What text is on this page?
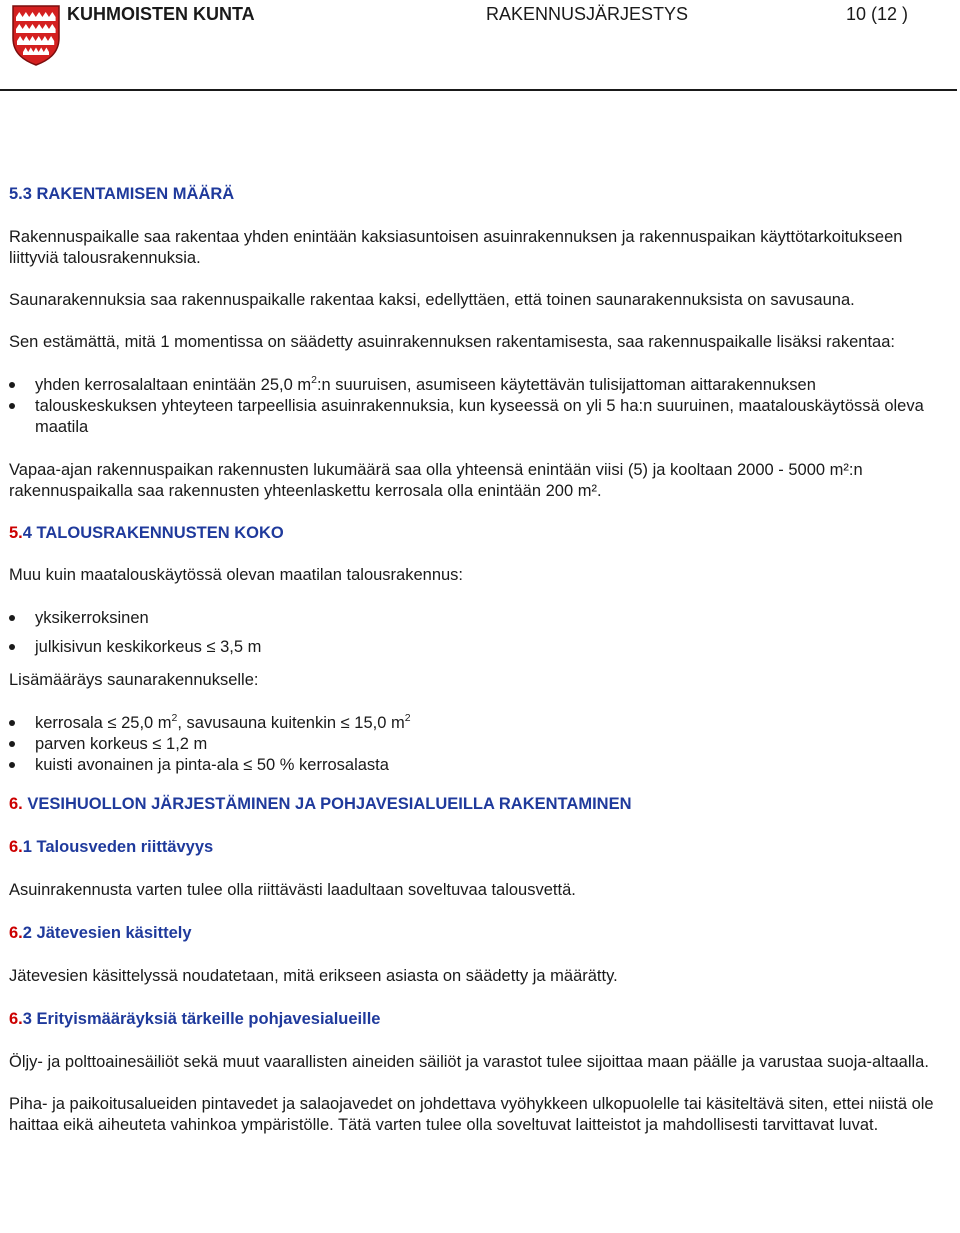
KUHMOISTEN KUNTA	RAKENNUSJÄRJESTYS	10 (12 )

5.3 RAKENTAMISEN MÄÄRÄ

Rakennuspaikalle saa rakentaa yhden enintään kaksiasuntoisen asuinrakennuksen ja rakennuspaikan käyttötarkoitukseen liittyviä talousrakennuksia.

Saunarakennuksia saa rakennuspaikalle rakentaa kaksi, edellyttäen, että toinen saunarakennuksista on savusauna.

Sen estämättä, mitä 1 momentissa on säädetty asuinrakennuksen rakentamisesta, saa rakennuspaikalle lisäksi rakentaa:

yhden kerrosalaltaan enintään 25,0 $m^2:n$ suuruisen, asumiseen käytettävän tulisijattoman aittarakennuksen
talouskeskuksen yhteyteen tarpeellisia asuinrakennuksia, kun kyseessä on yli 5 ha:n suuruinen, maatalouskäytössä oleva maatila

Vapaa-ajan rakennuspaikan rakennusten lukumäärä saa olla yhteensä enintään viisi (5) ja kooltaan 2000 - 5000 m²:n rakennuspaikalla saa rakennusten yhteenlaskettu kerrosala olla enintään 200 m².

5.4 TALOUSRAKENNUSTEN KOKO

Muu kuin maatalouskäytössä olevan maatilan talousrakennus:

yksikerroksinen
julkisivun keskikorkeus ≤ 3,5 m

Lisämääräys saunarakennukselle:

kerrosala ≤ 25,0 $m^2$, savusauna kuitenkin ≤ 15,0 $m^2$
parven korkeus ≤ 1,2 m
kuisti avonainen ja pinta-ala ≤ 50 % kerrosalasta

6. VESIHUOLLON JÄRJESTÄMINEN JA POHJAVESIALUEILLA RAKENTAMINEN

6.1 Talousveden riittävyys

Asuinrakennusta varten tulee olla riittävästi laadultaan soveltuvaa talousvettä.

6.2 Jätevesien käsittely

Jätevesien käsittelyssä noudatetaan, mitä erikseen asiasta on säädetty ja määrätty.

6.3 Erityismääräyksiä tärkeille pohjavesialueille

Öljy- ja polttoainesäiliöt sekä muut vaarallisten aineiden säiliöt ja varastot tulee sijoittaa maan päälle ja varustaa suoja-altaalla.

Piha- ja paikoitusalueiden pintavedet ja salaojavedet on johdettava vyöhykkeen ulkopuolelle tai käsiteltävä siten, ettei niistä ole haittaa eikä aiheuteta vahinkoa ympäristölle. Tätä varten tulee olla soveltuvat laitteistot ja mahdollisesti tarvittavat luvat.
